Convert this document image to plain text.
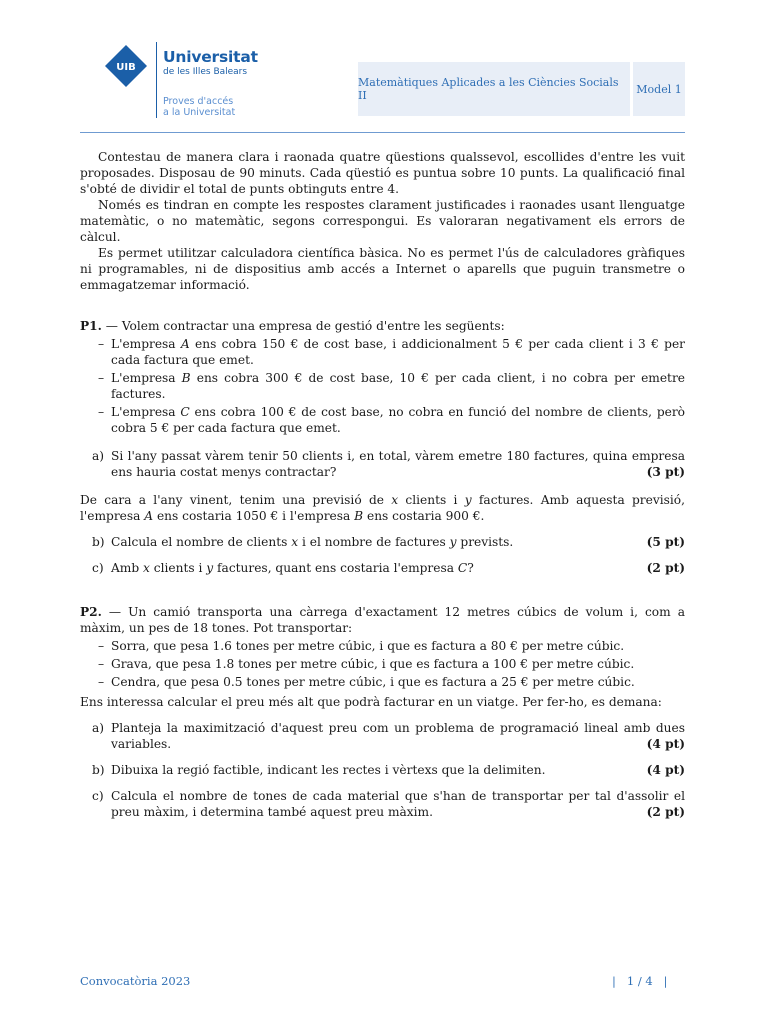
UIB
Universitat
de les Illes Balears
Proves d'accés
a la Universitat
Matemàtiques Aplicades a les Ciències Socials II	Model 1

Contestau de manera clara i raonada quatre qüestions qualssevol, escollides d'entre les vuit proposades. Disposau de 90 minuts. Cada qüestió es puntua sobre 10 punts. La qualificació final s'obté de dividir el total de punts obtinguts entre 4.

Només es tindran en compte les respostes clarament justificades i raonades usant llenguatge matemàtic, o no matemàtic, segons correspongui. Es valoraran negativament els errors de càlcul.

Es permet utilitzar calculadora científica bàsica. No es permet l'ús de calculadores gràfiques ni programables, ni de dispositius amb accés a Internet o aparells que puguin transmetre o emmagatzemar informació.

P1. — Volem contractar una empresa de gestió d'entre les següents:

– L'empresa A ens cobra 150 € de cost base, i addicionalment 5 € per cada client i 3 € per cada factura que emet.
– L'empresa B ens cobra 300 € de cost base, 10 € per cada client, i no cobra per emetre factures.
– L'empresa C ens cobra 100 € de cost base, no cobra en funció del nombre de clients, però cobra 5 € per cada factura que emet.
a) Si l'any passat vàrem tenir 50 clients i, en total, vàrem emetre 180 factures, quina empresa ens hauria costat menys contractar?	(3 pt)

De cara a l'any vinent, tenim una previsió de x clients i y factures. Amb aquesta previsió, l'empresa A ens costaria 1050 € i l'empresa B ens costaria 900 €.

b) Calcula el nombre de clients x i el nombre de factures y prevists.	(5 pt)
c) Amb x clients i y factures, quant ens costaria l'empresa C?	(2 pt)

P2. — Un camió transporta una càrrega d'exactament 12 metres cúbics de volum i, com a màxim, un pes de 18 tones. Pot transportar:

– Sorra, que pesa 1.6 tones per metre cúbic, i que es factura a 80 € per metre cúbic.
– Grava, que pesa 1.8 tones per metre cúbic, i que es factura a 100 € per metre cúbic.
– Cendra, que pesa 0.5 tones per metre cúbic, i que es factura a 25 € per metre cúbic.

Ens interessa calcular el preu més alt que podrà facturar en un viatge. Per fer-ho, es demana:

a) Planteja la maximització d'aquest preu com un problema de programació lineal amb dues variables.	(4 pt)
b) Dibuixa la regió factible, indicant les rectes i vèrtexs que la delimiten.	(4 pt)
c) Calcula el nombre de tones de cada material que s'han de transportar per tal d'assolir el preu màxim, i determina també aquest preu màxim.	(2 pt)
Convocatòria 2023	|   1 / 4   |
